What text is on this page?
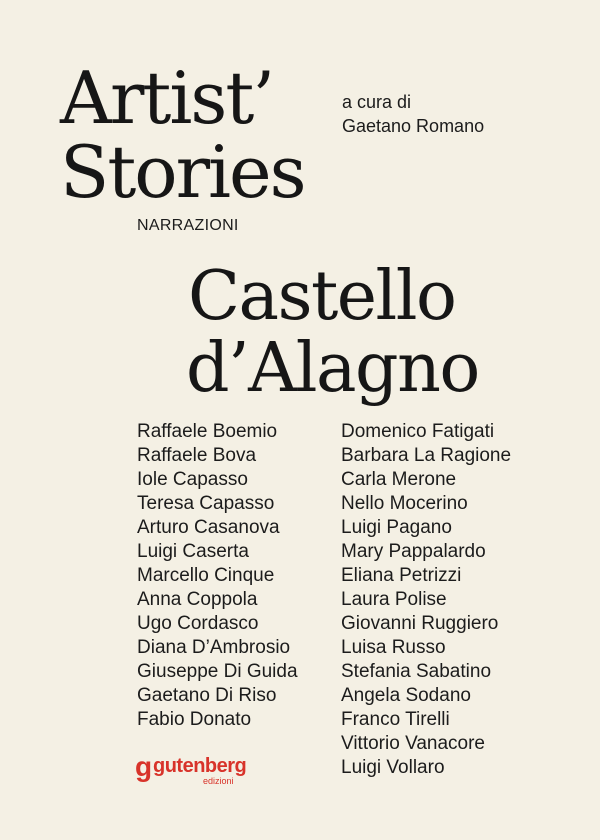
Artist’
Stories
a cura di
Gaetano Romano
NARRAZIONI
Castello
d’Alagno
Raffaele Boemio
Raffaele Bova
Iole Capasso
Teresa Capasso
Arturo Casanova
Luigi Caserta
Marcello Cinque
Anna Coppola
Ugo Cordasco
Diana D’Ambrosio
Giuseppe Di Guida
Gaetano Di Riso
Fabio Donato
Domenico Fatigati
Barbara La Ragione
Carla Merone
Nello Mocerino
Luigi Pagano
Mary Pappalardo
Eliana Petrizzi
Laura Polise
Giovanni Ruggiero
Luisa Russo
Stefania Sabatino
Angela Sodano
Franco Tirelli
Vittorio Vanacore
Luigi Vollaro
g gutenberg
edizioni
